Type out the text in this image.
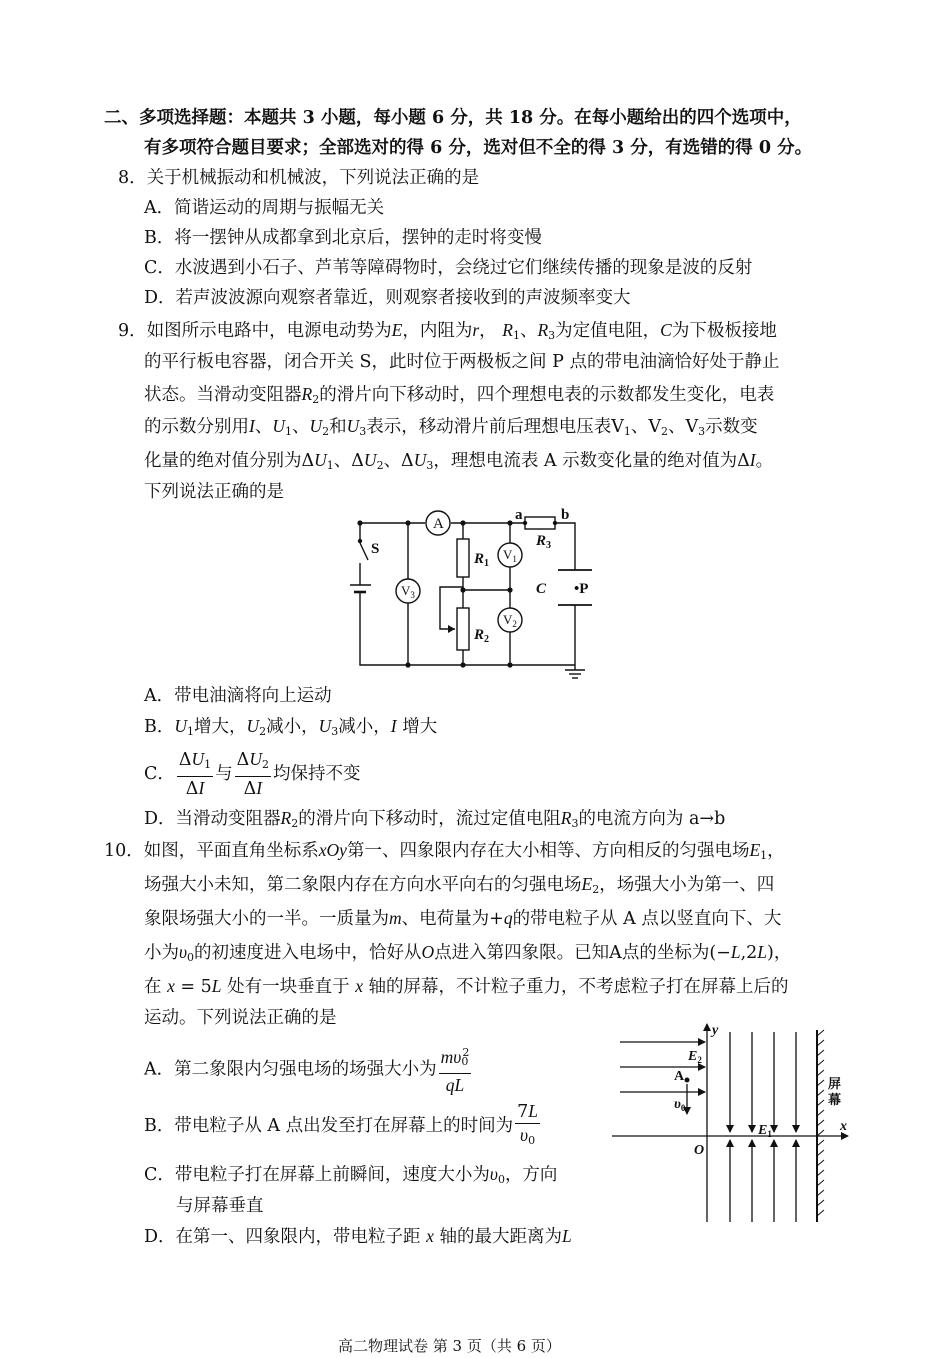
二、多项选择题：本题共 3 小题，每小题 6 分，共 18 分。在每小题给出的四个选项中，
有多项符合题目要求；全部选对的得 6 分，选对但不全的得 3 分，有选错的得 0 分。
8．关于机械振动和机械波，下列说法正确的是
A．简谐运动的周期与振幅无关
B．将一摆钟从成都拿到北京后，摆钟的走时将变慢
C．水波遇到小石子、芦苇等障碍物时，会绕过它们继续传播的现象是波的反射
D．若声波波源向观察者靠近，则观察者接收到的声波频率变大
9．如图所示电路中，电源电动势为E，内阻为r， $R_1$、$R_3$为定值电阻，C为下极板接地
的平行板电容器，闭合开关 S，此时位于两极板之间 P 点的带电油滴恰好处于静止
状态。当滑动变阻器$R_2$的滑片向下移动时，四个理想电表的示数都发生变化，电表
的示数分别用I、$U_1$、$U_2$和$U_3$表示，移动滑片前后理想电压表$V_1$、$V_2$、$V_3$示数变
化量的绝对值分别为$\Delta U_1$、$\Delta U_2$、$\Delta U_3$，理想电流表 A 示数变化量的绝对值为ΔI。
下列说法正确的是
A
S
$V_3$
$R_1$
$V_1$
$R_2$
$V_2$
a	b
$R_3$
C •P
A．带电油滴将向上运动
B．$U_1$增大，$U_2$减小，$U_3$减小，I 增大
C． $\frac{\Delta U_1}{\Delta I}$ 与 $\frac{\Delta U_2}{\Delta I}$ 均保持不变
D．当滑动变阻器$R_2$的滑片向下移动时，流过定值电阻$R_3$的电流方向为 a→b
10．如图，平面直角坐标系xOy第一、四象限内存在大小相等、方向相反的匀强电场$E_1$，
场强大小未知，第二象限内存在方向水平向右的匀强电场$E_2$，场强大小为第一、四
象限场强大小的一半。一质量为m、电荷量为+q的带电粒子从 A 点以竖直向下、大
小为$\upsilon_0$的初速度进入电场中，恰好从O点进入第四象限。已知A点的坐标为(−L,2L)，
在 x = 5L 处有一块垂直于 x 轴的屏幕，不计粒子重力，不考虑粒子打在屏幕上后的
运动。下列说法正确的是
A．第二象限内匀强电场的场强大小为 $\frac{m\upsilon_0^2}{qL}$
B．带电粒子从 A 点出发至打在屏幕上的时间为 $\frac{7L}{\upsilon_0}$
C．带电粒子打在屏幕上前瞬间，速度大小为$\upsilon_0$，方向
与屏幕垂直
D．在第一、四象限内，带电粒子距 x 轴的最大距离为L
y
x
O
A
$E_2$
$E_1$
$\upsilon_0$
屏
幕
高二物理试卷 第 3 页（共 6 页）
